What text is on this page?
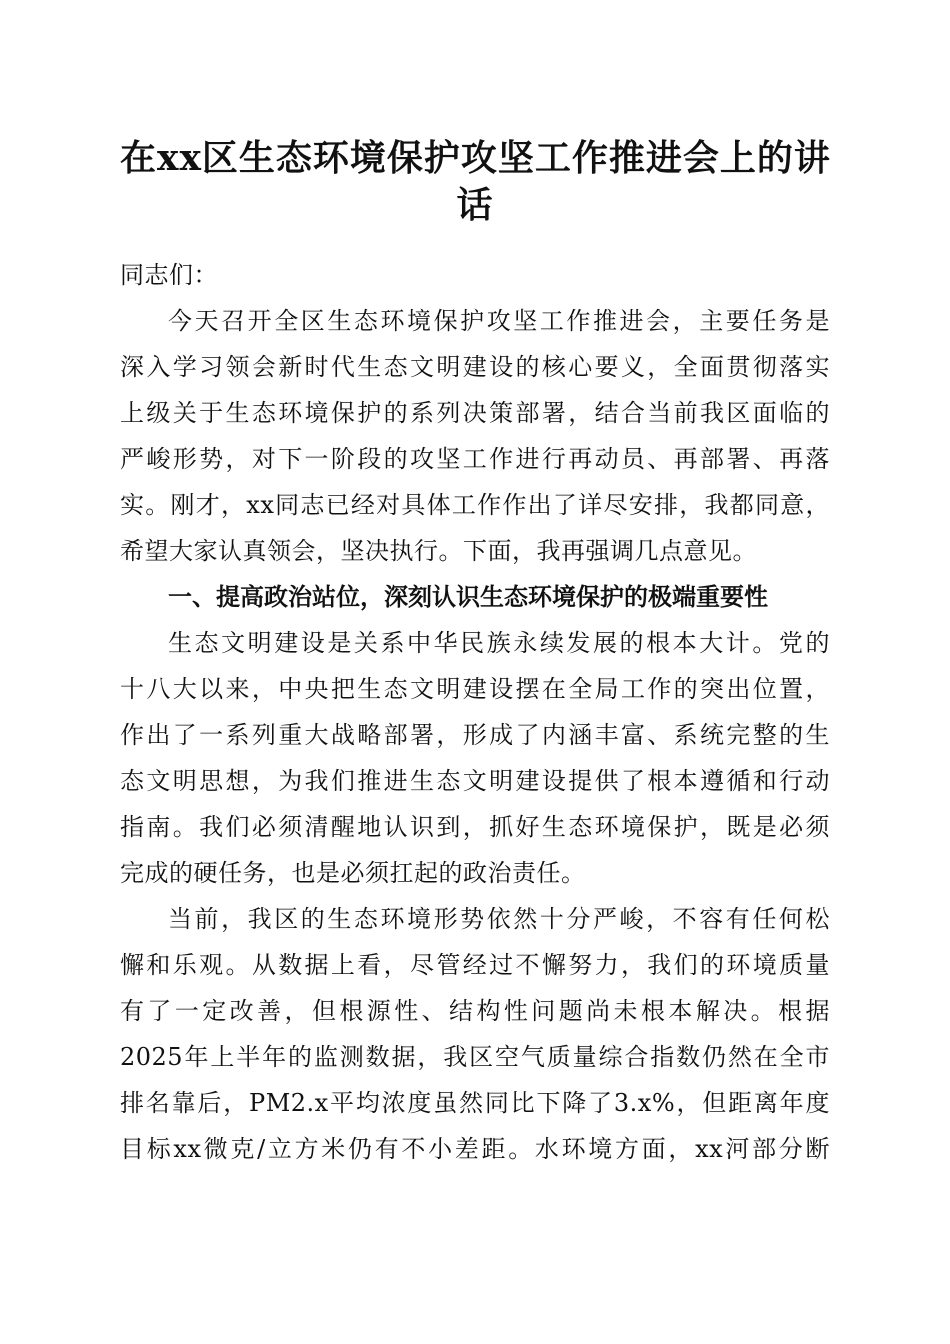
在xx区生态环境保护攻坚工作推进会上的讲
话
同志们：
今天召开全区生态环境保护攻坚工作推进会，主要任务是
深入学习领会新时代生态文明建设的核心要义，全面贯彻落实
上级关于生态环境保护的系列决策部署，结合当前我区面临的
严峻形势，对下一阶段的攻坚工作进行再动员、再部署、再落
实。刚才，xx同志已经对具体工作作出了详尽安排，我都同意，
希望大家认真领会，坚决执行。下面，我再强调几点意见。
一、提高政治站位，深刻认识生态环境保护的极端重要性
生态文明建设是关系中华民族永续发展的根本大计。党的
十八大以来，中央把生态文明建设摆在全局工作的突出位置，
作出了一系列重大战略部署，形成了内涵丰富、系统完整的生
态文明思想，为我们推进生态文明建设提供了根本遵循和行动
指南。我们必须清醒地认识到，抓好生态环境保护，既是必须
完成的硬任务，也是必须扛起的政治责任。
当前，我区的生态环境形势依然十分严峻，不容有任何松
懈和乐观。从数据上看，尽管经过不懈努力，我们的环境质量
有了一定改善，但根源性、结构性问题尚未根本解决。根据
2025年上半年的监测数据，我区空气质量综合指数仍然在全市
排名靠后，PM2.x平均浓度虽然同比下降了3.x%，但距离年度
目标xx微克/立方米仍有不小差距。水环境方面，xx河部分断
